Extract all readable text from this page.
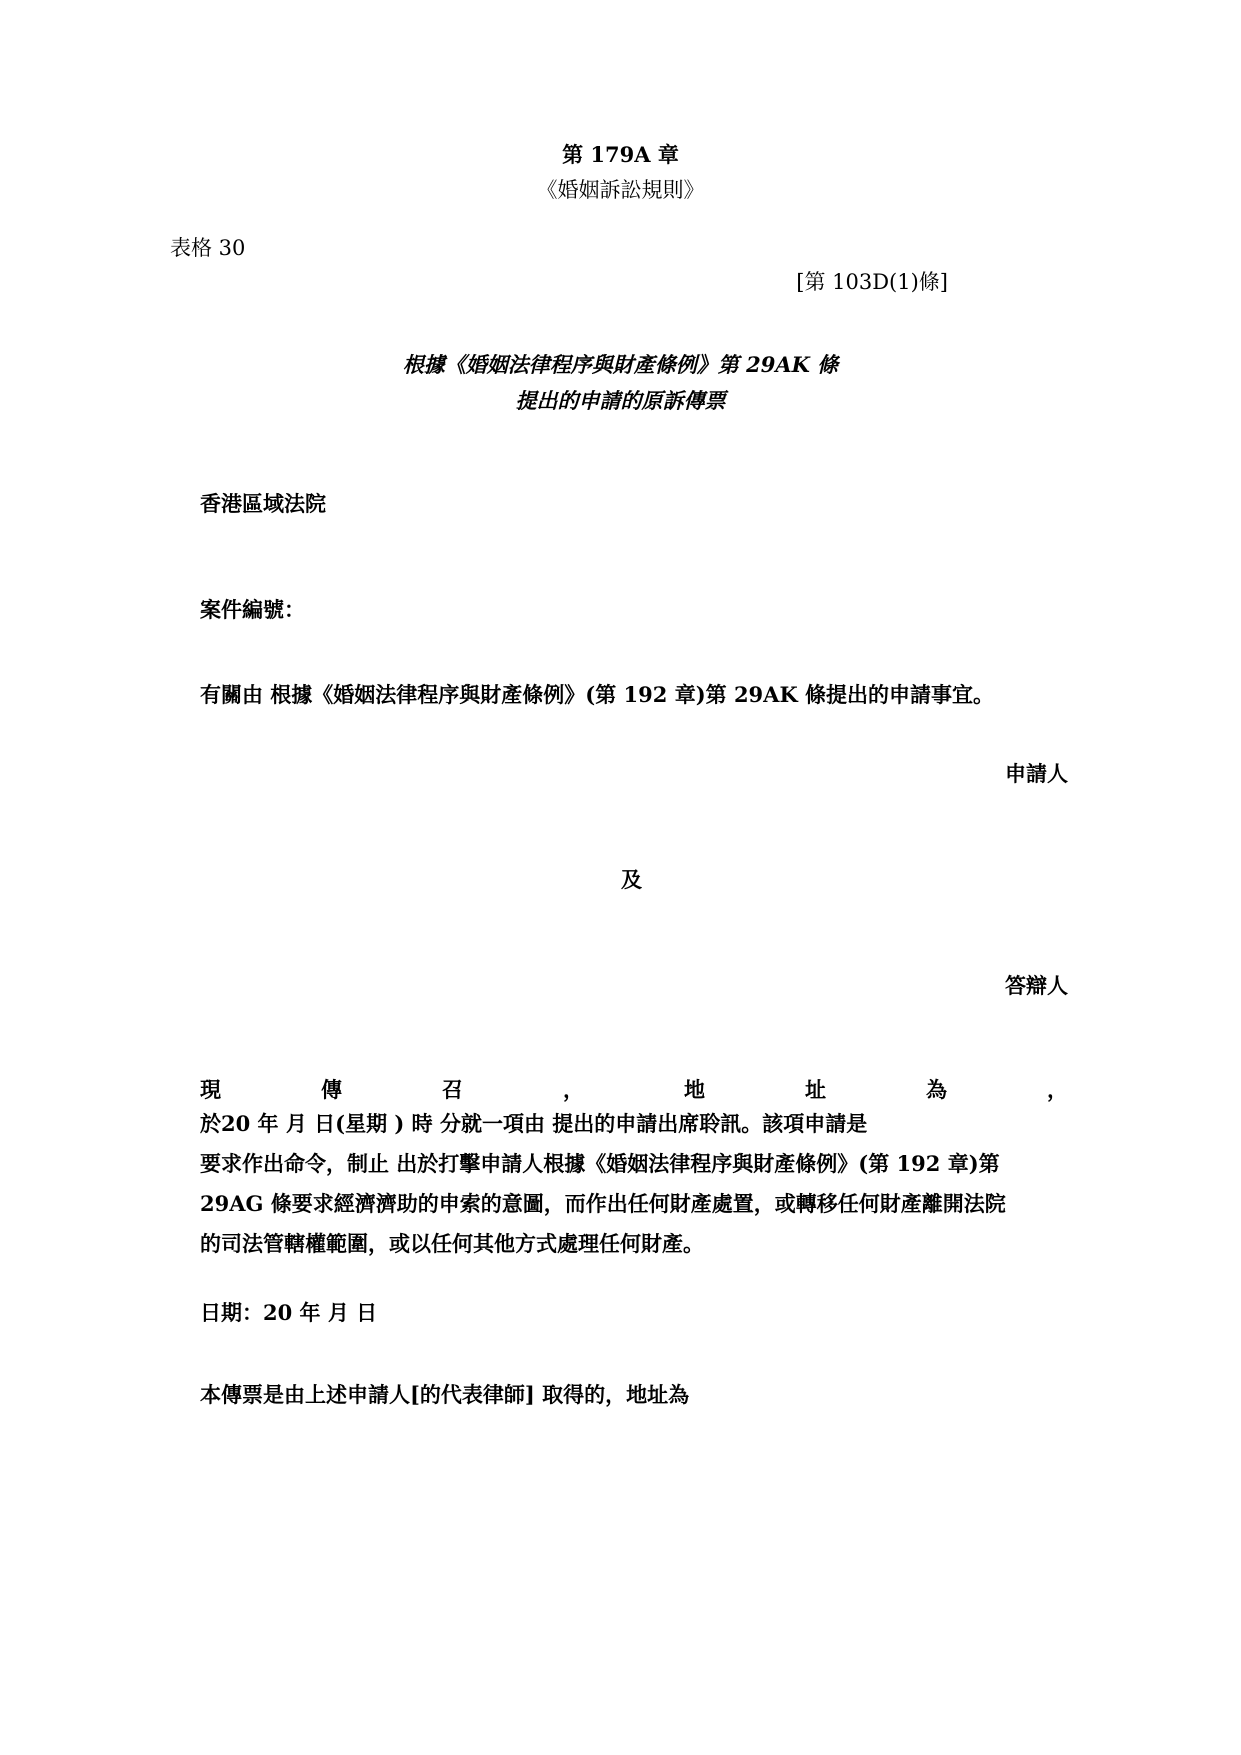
第 179A 章
《婚姻訴訟規則》
表格 30
[第 103D(1)條]
根據《婚姻法律程序與財產條例》第 29AK 條
提出的申請的原訴傳票
香港區域法院
案件編號：
有關由 根據《婚姻法律程序與財產條例》(第 192 章)第 29AK 條提出的申請事宜。
申請人
及
答辯人
現	傳	召	，	地	址	為	，
於20 年 月 日(星期 ) 時 分就一項由 提出的申請出席聆訊。該項申請是
要求作出命令，制止 出於打擊申請人根據《婚姻法律程序與財產條例》(第 192 章)第
29AG 條要求經濟濟助的申索的意圖，而作出任何財產處置，或轉移任何財產離開法院
的司法管轄權範圍，或以任何其他方式處理任何財產。
日期：20 年 月 日
本傳票是由上述申請人[的代表律師] 取得的，地址為
